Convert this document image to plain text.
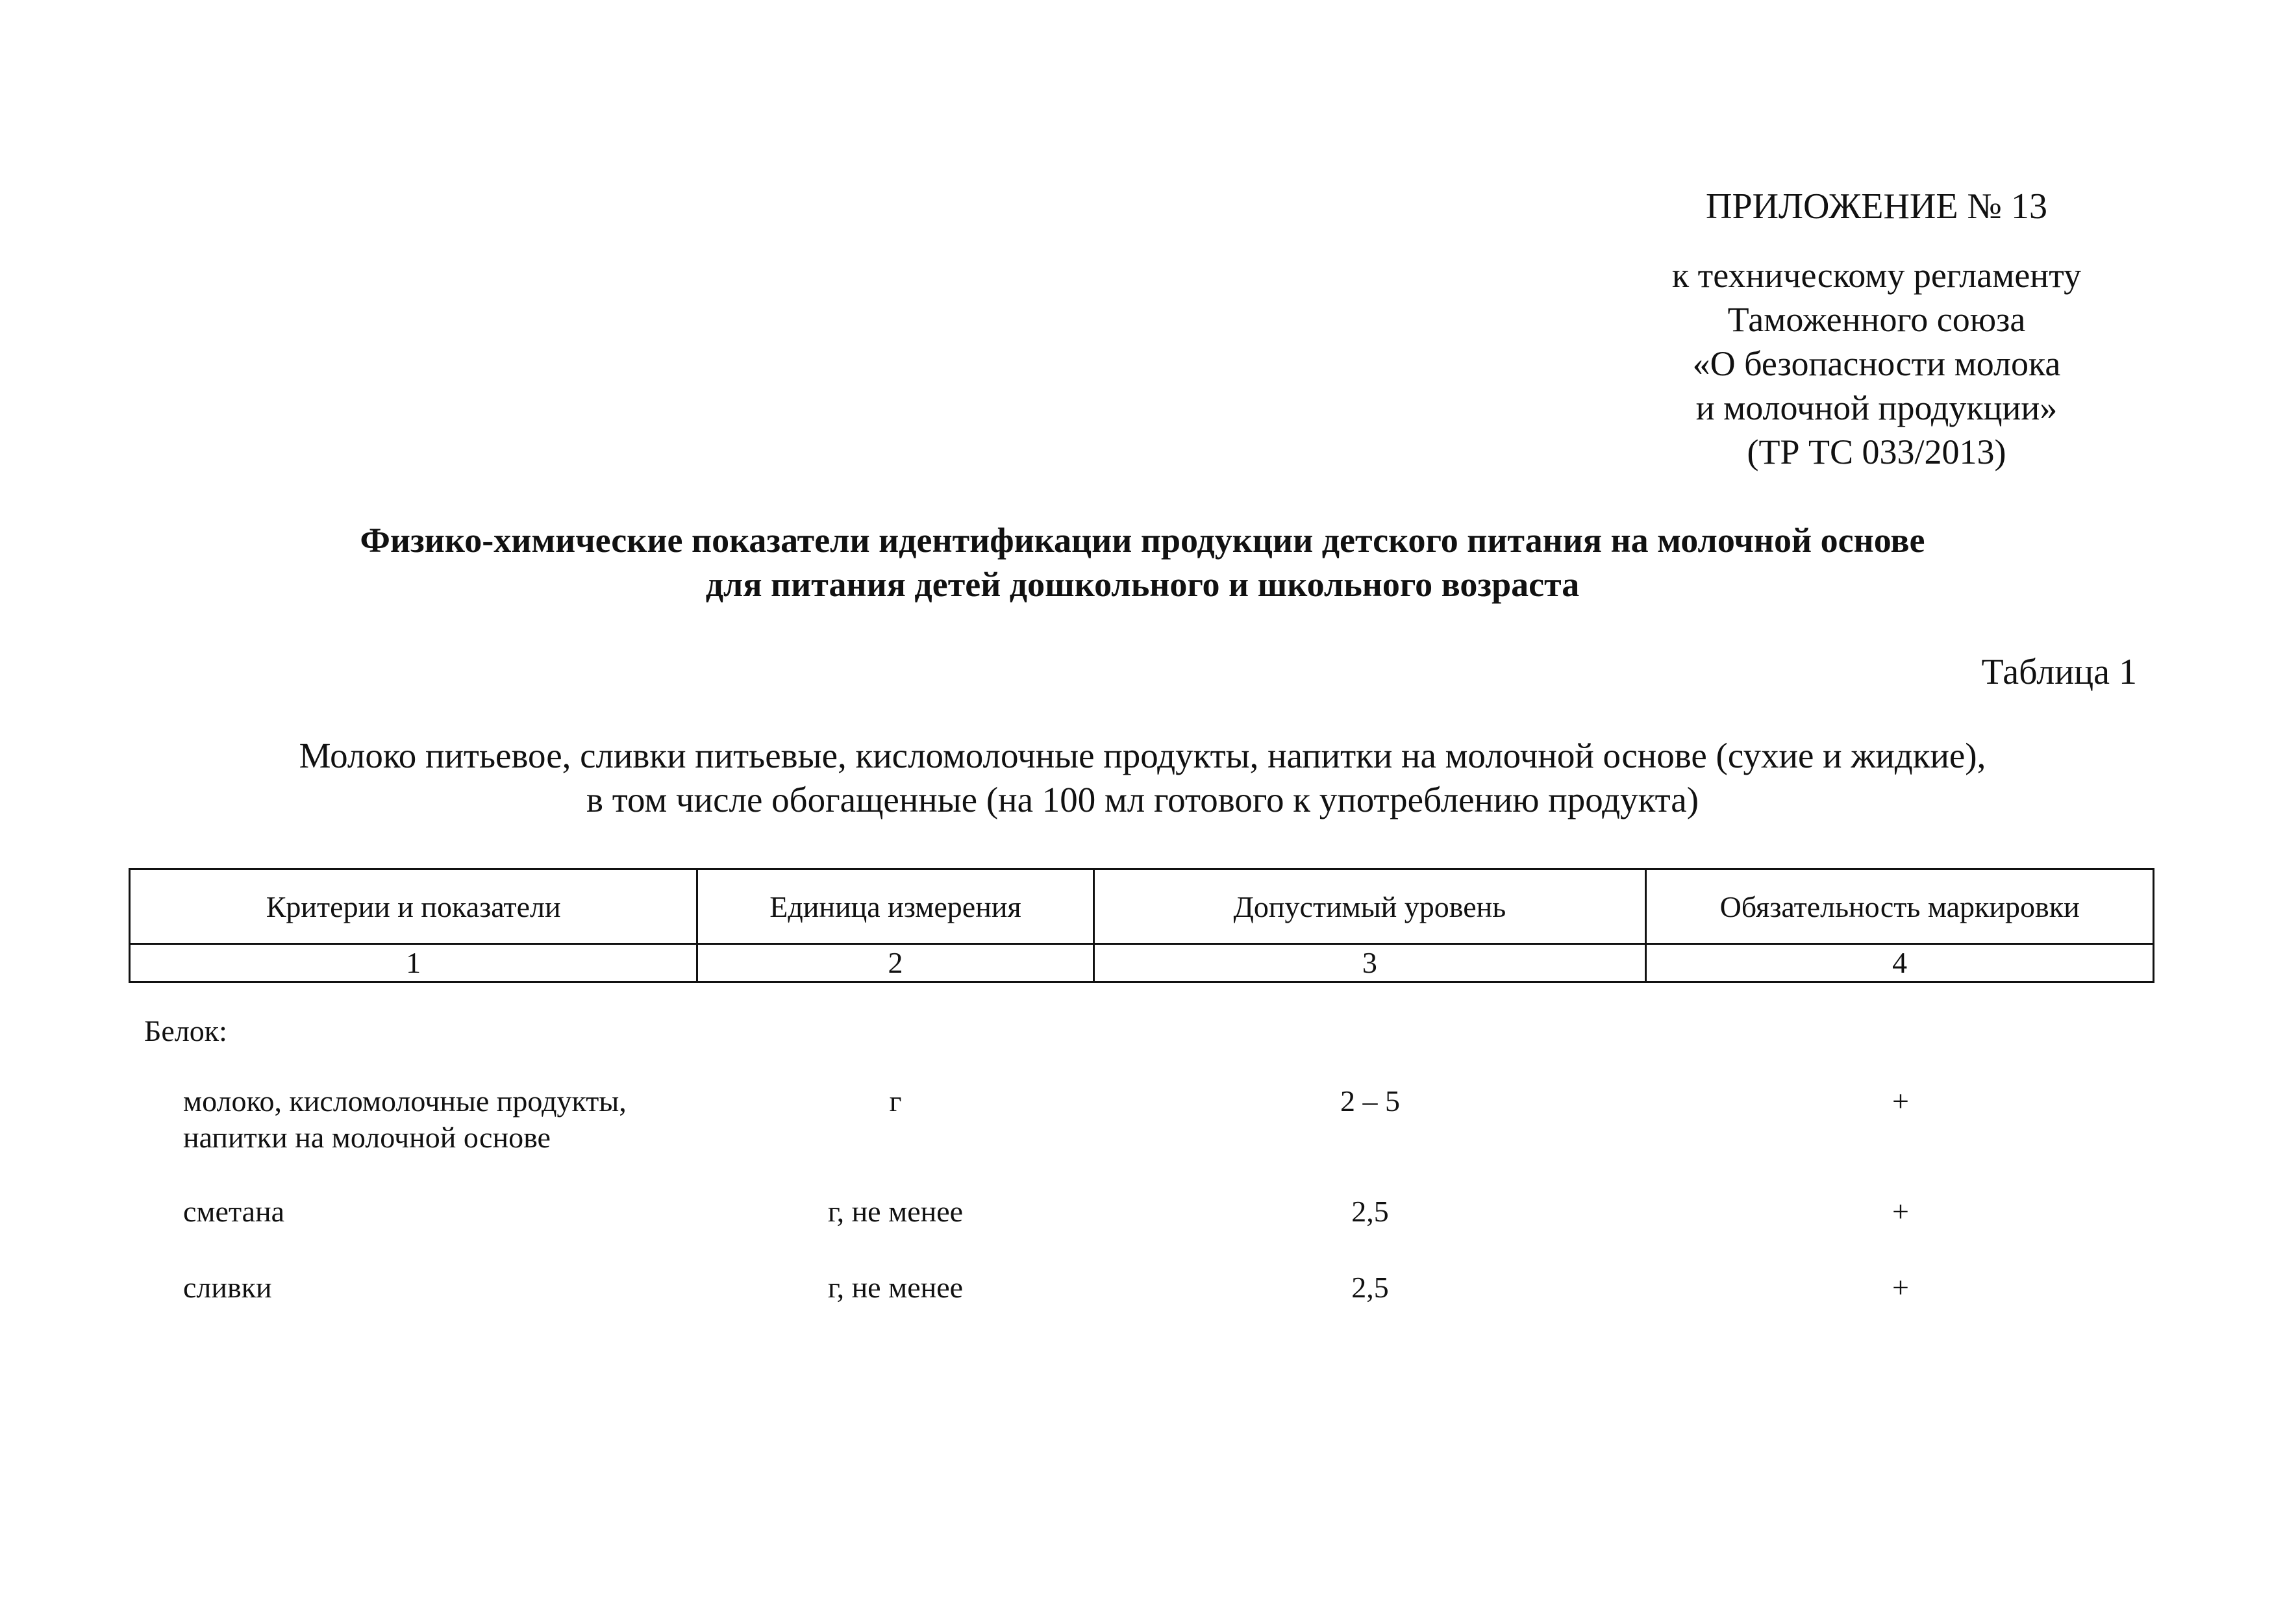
ПРИЛОЖЕНИЕ № 13
к техническому регламенту
Таможенного союза
«О безопасности молока
и молочной продукции»
(ТР ТС 033/2013)
Физико-химические показатели идентификации продукции детского питания на молочной основе
для питания детей дошкольного и школьного возраста
Таблица 1
Молоко питьевое, сливки питьевые, кисломолочные продукты, напитки на молочной основе (сухие и жидкие),
в том числе обогащенные (на 100 мл готового к употреблению продукта)
Критерии и показатели	Единица измерения	Допустимый уровень	Обязательность маркировки
1	2	3	4
Белок:
молоко, кисломолочные продукты,
напитки на молочной основе
г	2 – 5	+
сметана	г, не менее	2,5	+
сливки	г, не менее	2,5	+
